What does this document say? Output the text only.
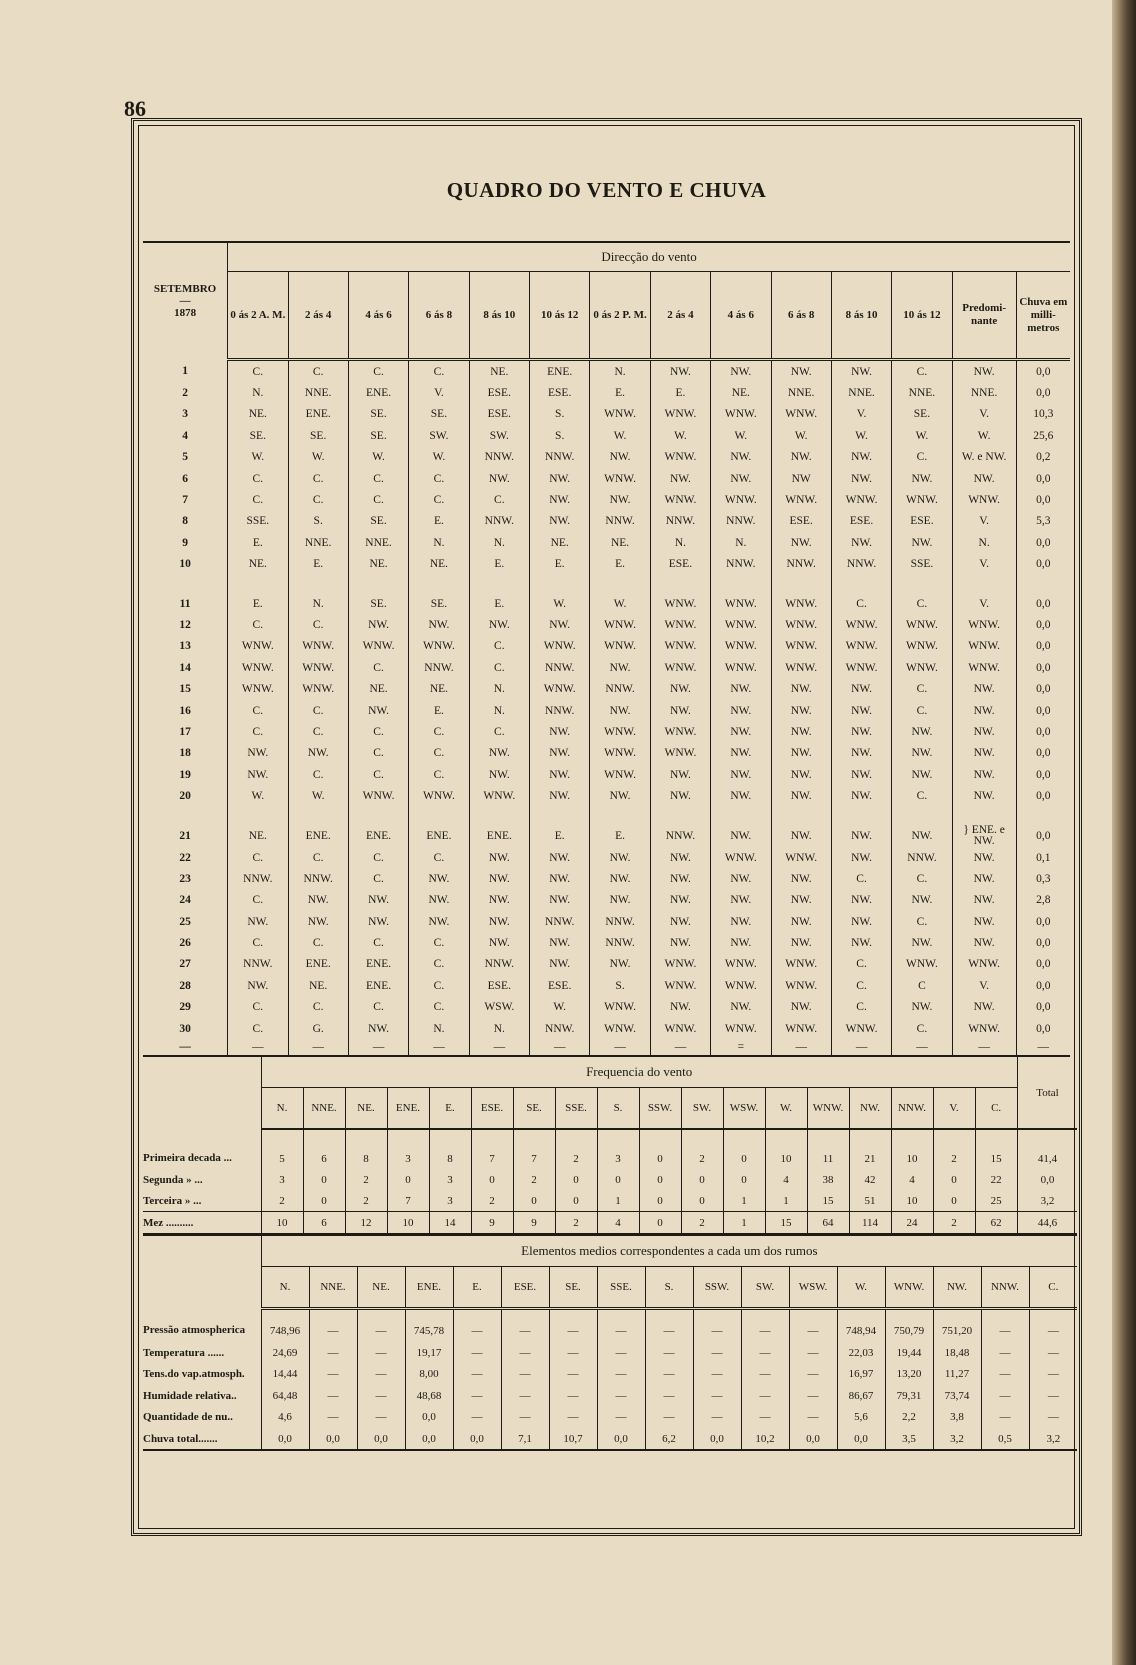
86
QUADRO DO VENTO E CHUVA
SETEMBRO
—
1878	Direcção do vento													
	0 ás 2 A. M.	2 ás 4	4 ás 6	6 ás 8	8 ás 10	10 ás 12	0 ás 2 P. M.	2 ás 4	4 ás 6	6 ás 8	8 ás 10	10 ás 12	Predomi-nante	Chuva em milli-metros
1	C.	C.	C.	C.	NE.	ENE.	N.	NW.	NW.	NW.	NW.	C.	NW.	0,0
2	N.	NNE.	ENE.	V.	ESE.	ESE.	E.	E.	NE.	NNE.	NNE.	NNE.	NNE.	0,0
3	NE.	ENE.	SE.	SE.	ESE.	S.	WNW.	WNW.	WNW.	WNW.	V.	SE.	V.	10,3
4	SE.	SE.	SE.	SW.	SW.	S.	W.	W.	W.	W.	W.	W.	W.	25,6
5	W.	W.	W.	W.	NNW.	NNW.	NW.	WNW.	NW.	NW.	NW.	C.	W. e NW.	0,2
6	C.	C.	C.	C.	NW.	NW.	WNW.	NW.	NW.	NW	NW.	NW.	NW.	0,0
7	C.	C.	C.	C.	C.	NW.	NW.	WNW.	WNW.	WNW.	WNW.	WNW.	WNW.	0,0
8	SSE.	S.	SE.	E.	NNW.	NW.	NNW.	NNW.	NNW.	ESE.	ESE.	ESE.	V.	5,3
9	E.	NNE.	NNE.	N.	N.	NE.	NE.	N.	N.	NW.	NW.	NW.	N.	0,0
10	NE.	E.	NE.	NE.	E.	E.	E.	ESE.	NNW.	NNW.	NNW.	SSE.	V.	0,0

11	E.	N.	SE.	SE.	E.	W.	W.	WNW.	WNW.	WNW.	C.	C.	V.	0,0
12	C.	C.	NW.	NW.	NW.	NW.	WNW.	WNW.	WNW.	WNW.	WNW.	WNW.	WNW.	0,0
13	WNW.	WNW.	WNW.	WNW.	C.	WNW.	WNW.	WNW.	WNW.	WNW.	WNW.	WNW.	WNW.	0,0
14	WNW.	WNW.	C.	NNW.	C.	NNW.	NW.	WNW.	WNW.	WNW.	WNW.	WNW.	WNW.	0,0
15	WNW.	WNW.	NE.	NE.	N.	WNW.	NNW.	NW.	NW.	NW.	NW.	C.	NW.	0,0
16	C.	C.	NW.	E.	N.	NNW.	NW.	NW.	NW.	NW.	NW.	C.	NW.	0,0
17	C.	C.	C.	C.	C.	NW.	WNW.	WNW.	NW.	NW.	NW.	NW.	NW.	0,0
18	NW.	NW.	C.	C.	NW.	NW.	WNW.	WNW.	NW.	NW.	NW.	NW.	NW.	0,0
19	NW.	C.	C.	C.	NW.	NW.	WNW.	NW.	NW.	NW.	NW.	NW.	NW.	0,0
20	W.	W.	WNW.	WNW.	WNW.	NW.	NW.	NW.	NW.	NW.	NW.	C.	NW.	0,0

21	NE.	ENE.	ENE.	ENE.	ENE.	E.	E.	NNW.	NW.	NW.	NW.	NW.	} ENE. e NW.	0,0
22	C.	C.	C.	C.	NW.	NW.	NW.	NW.	WNW.	WNW.	NW.	NNW.	NW.	0,1
23	NNW.	NNW.	C.	NW.	NW.	NW.	NW.	NW.	NW.	NW.	C.	C.	NW.	0,3
24	C.	NW.	NW.	NW.	NW.	NW.	NW.	NW.	NW.	NW.	NW.	NW.	NW.	2,8
25	NW.	NW.	NW.	NW.	NW.	NNW.	NNW.	NW.	NW.	NW.	NW.	C.	NW.	0,0
26	C.	C.	C.	C.	NW.	NW.	NNW.	NW.	NW.	NW.	NW.	NW.	NW.	0,0
27	NNW.	ENE.	ENE.	C.	NNW.	NW.	NW.	WNW.	WNW.	WNW.	C.	WNW.	WNW.	0,0
28	NW.	NE.	ENE.	C.	ESE.	ESE.	S.	WNW.	WNW.	WNW.	C.	C	V.	0,0
29	C.	C.	C.	C.	WSW.	W.	WNW.	NW.	NW.	NW.	C.	NW.	NW.	0,0
30	C.	G.	NW.	N.	N.	NNW.	WNW.	WNW.	WNW.	WNW.	WNW.	C.	WNW.	0,0
—	—	—	—	—	—	—	—	—	=	—	—	—	—	—
	Frequencia do vento																		Total
	N.	NNE.	NE.	ENE.	E.	ESE.	SE.	SSE.	S.	SSW.	SW.	WSW.	W.	WNW.	NW.	NNW.	V.	C.	
Primeira decada ...	5	6	8	3	8	7	7	2	3	0	2	0	10	11	21	10	2	15	41,4
Segunda » ...	3	0	2	0	3	0	2	0	0	0	0	0	4	38	42	4	0	22	0,0
Terceira » ...	2	0	2	7	3	2	0	0	1	0	0	1	1	15	51	10	0	25	3,2
Mez ..........	10	6	12	10	14	9	9	2	4	0	2	1	15	64	114	24	2	62	44,6
	Elementos medios correspondentes a cada um dos rumos																
	N.	NNE.	NE.	ENE.	E.	ESE.	SE.	SSE.	S.	SSW.	SW.	WSW.	W.	WNW.	NW.	NNW.	C.
Pressão atmospherica	748,96	—	—	745,78	—	—	—	—	—	—	—	—	748,94	750,79	751,20	—	—
Temperatura ......	24,69	—	—	19,17	—	—	—	—	—	—	—	—	22,03	19,44	18,48	—	—
Tens.do vap.atmosph.	14,44	—	—	8,00	—	—	—	—	—	—	—	—	16,97	13,20	11,27	—	—
Humidade relativa..	64,48	—	—	48,68	—	—	—	—	—	—	—	—	86,67	79,31	73,74	—	—
Quantidade de nu..	4,6	—	—	0,0	—	—	—	—	—	—	—	—	5,6	2,2	3,8	—	—
Chuva total.......	0,0	0,0	0,0	0,0	0,0	7,1	10,7	0,0	6,2	0,0	10,2	0,0	0,0	3,5	3,2	0,5	3,2
